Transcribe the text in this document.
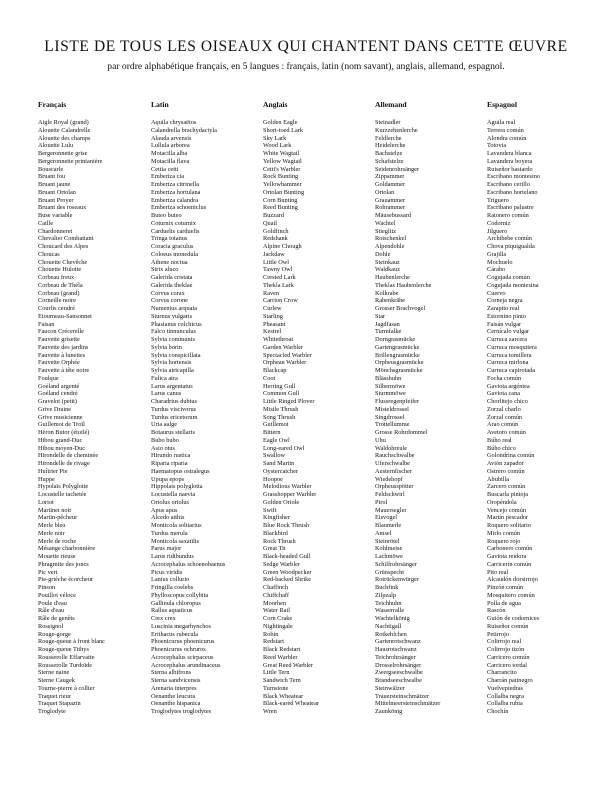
LISTE DE TOUS LES OISEAUX QUI CHANTENT DANS CETTE ŒUVRE
par ordre alphabétique français, en 5 langues : français, latin (nom savant), anglais, allemand, espagnol.
Français
Aigle Royal (grand)
Alouette Calandrelle
Alouette des champs
Alouette Lulu
Bergeronnette grise
Bergeronnette printanière
Bouscarle
Bruant fou
Bruant jaune
Bruant Ortolan
Bruant Proyer
Bruant des roseaux
Buse variable
Caille
Chardonneret
Chevalier Combattant
Choucard des Alpes
Choucas
Chouette Chevêche
Chouette Hulotte
Corbeau freux
Corbeau de Théla
Corbeau (grand)
Corneille noire
Courlis cendré
Étourneau-Sansonnet
Faisan
Faucon Crécerelle
Fauvette grisette
Fauvette des jardins
Fauvette à lunettes
Fauvette Orphée
Fauvette à tête noire
Foulque
Goéland argenté
Goéland cendré
Gravelot (petit)
Grive Draine
Grive musicienne
Guillemot de Troïl
Héron Butor (étoilé)
Hibou grand-Duc
Hibou moyen-Duc
Hirondelle de cheminée
Hirondelle de rivage
Huîtrier Pie
Huppe
Hypolaïs Polyglotte
Locustelle tachetée
Loriot
Martinet noir
Martin-pêcheur
Merle bleu
Merle noir
Merle de roche
Mésange charbonnière
Mouette rieuse
Phragmite des joncs
Pic vert
Pie-grièche écorcheur
Pinson
Pouillot véloce
Poule d'eau
Râle d'eau
Râle de genêts
Rossignol
Rouge-gorge
Rouge-queue à front blanc
Rouge-queue Tithys
Rousserolle Effarvatte
Rousserolle Turdoïde
Sterne naine
Sterne Caugek
Tourne-pierre à collier
Traquet rieur
Traquet Stapazin
Troglodyte
Latin
Aquila chrysaëtos
Calandrella brachydactyla
Alauda arvensis
Lullula arborea
Motacilla alba
Motacilla flava
Cettia cetti
Emberiza cia
Emberiza citrinella
Emberiza hortulana
Emberiza calandra
Emberiza schoeniclus
Buteo buteo
Coturnix coturnix
Carduelis carduelis
Tringa totanus
Coracia graculus
Coloeus monedula
Athene noctua
Strix aluco
Galerida cristata
Galerida theklae
Corvus corax
Corvus corone
Numenius arquata
Sturnus vulgaris
Phasianus colchicus
Falco tinnunculus
Sylvia communis
Sylvia borin
Sylvia conspicillata
Sylvia hortensis
Sylvia atricapilla
Fulica atra
Larus argentatus
Larus canus
Charadrius dubius
Turdus viscivorus
Turdus ericetorum
Uria aalge
Botaurus stellaris
Bubo bubo
Asio otus
Hirundo rustica
Riparia riparia
Haematopus ostralegus
Upupa epops
Hippolais polyglotta
Locustella naevia
Oriolus oriolus
Apus apus
Alcedo atthis
Monticola solitarius
Turdus merula
Monticola saxatilis
Parus major
Larus ridibundus
Acrocephalus schoenobaenus
Picus viridis
Lanius collurio
Fringilla coelebs
Phylloscopus collybita
Gallinula chloropus
Rallus aquaticus
Crex crex
Luscinia megarhynchos
Erithacus rubecula
Phoenicurus phoenicurus
Phoenicurus ochruros
Acrocephalus scirpaceus
Acrocephalus arundinaceus
Sterna albifrons
Sterna sandvicensis
Arenaria interpres
Oenanthe leucura
Oenanthe hispanica
Troglodytes troglodytes
Anglais
Golden Eagle
Short-toed Lark
Sky Lark
Wood Lark
White Wagtail
Yellow Wagtail
Cetti's Warbler
Rock Bunting
Yellowhammer
Ortolan Bunting
Corn Bunting
Reed Bunting
Buzzard
Quail
Goldfinch
Redshank
Alpine Chough
Jackdaw
Little Owl
Tawny Owl
Crested Lark
Thekla Lark
Raven
Carrion Crow
Curlew
Starling
Pheasant
Kestrel
Whitethroat
Garden Warbler
Spectacled Warbler
Orphean Warbler
Blackcap
Coot
Herring Gull
Common Gull
Little Ringed Plover
Mistle Thrush
Song Thrush
Guillemot
Bittern
Eagle Owl
Long-eared Owl
Swallow
Sand Martin
Oystercatcher
Hoopoe
Melodious Warbler
Grasshopper Warbler
Golden Oriole
Swift
Kingfisher
Blue Rock Thrush
Blackbird
Rock Thrush
Great Tit
Black-headed Gull
Sedge Warbler
Green Woodpecker
Red-backed Shrike
Chaffinch
Chiffchaff
Moorhen
Water Rail
Corn Crake
Nightingale
Robin
Redstart
Black Redstart
Reed Warbler
Great Reed Warbler
Little Tern
Sandwich Tern
Turnstone
Black Wheatear
Black-eared Wheatear
Wren
Allemand
Steinadler
Kurzzehenlerche
Feldlerche
Heidelerche
Bachstelze
Schafstelze
Seidenrohrsänger
Zippammer
Goldammer
Ortolan
Grauammer
Rohrammer
Mäusebussard
Wachtel
Stieglitz
Rotschenkel
Alpendohle
Dohle
Steinkauz
Waldkauz
Haubenlerche
Theklas Haubenlerche
Kolkrabe
Rabenkrähe
Grosser Brachvogel
Star
Jagdfasan
Turmfalke
Dorngrasmücke
Gartengrasmücke
Brillengrasmücke
Orpheusgrasmücke
Mönchsgrasmücke
Blässhuhn
Silbermöwe
Sturmmöwe
Flussregenpfeifer
Misteldrossel
Singdrossel
Trottellumme
Grosse Rohrdommel
Uhu
Waldohreule
Rauchschwalbe
Uferschwalbe
Austernfischer
Wiedehopf
Orpheusspötter
Feldschwirl
Pirol
Mauersegler
Eisvogel
Blaumerle
Amsel
Steinrötel
Kohlmeise
Lachmöwe
Schilfrohrsänger
Grünspecht
Rotrückenwürger
Buchfink
Zilpzalp
Teichhuhn
Wasserralle
Wachtelkönig
Nachtigall
Rotkehlchen
Gartenrotschwanz
Hausrotschwanz
Teichrohrsänger
Drosselrohrsänger
Zwergseeschwalbe
Brandseeschwalbe
Steinwälzer
Trauersteinschmätzer
Mittelmeersteinschmätzer
Zaunkönig
Espagnol
Águila real
Terrera común
Alondra común
Totovia
Lavandera blanca
Lavandera boyera
Ruiseñor bastardo
Escribano montesino
Escribano cerillo
Escribano hortelano
Triguero
Escribano palustre
Ratonero común
Codorniz
Jilguero
Archibebe común
Chova piquigualda
Grajilla
Mochuelo
Cárabo
Cogujada común
Cogujada montesina
Cuervo
Corneja negra
Zarapito real
Estornino pinto
Faisán vulgar
Cernícalo vulgar
Curruca zarcera
Curruca mosquitera
Curruca tomillera
Curruca mirlona
Curruca capirotada
Focha común
Gaviota argéntea
Gaviota cana
Chorlitejo chico
Zorzal charlo
Zorzal común
Arao común
Avetoro común
Búho real
Búho chico
Golondrina común
Avión zapador
Ostrero común
Abubilla
Zarcero común
Buscarla pintoja
Oropéndola
Vencejo común
Martín pescador
Roquero solitario
Mirlo común
Roquero rojo
Carbonero común
Gaviota reidora
Carricerín común
Pito real
Alcaudón dorsirrojo
Pinzón común
Mosquitero común
Polla de agua
Rascón
Guión de codornices
Ruiseñor común
Petirrojo
Colirrojo real
Colirrojo tizón
Carricero común
Carricero tordal
Charrancito
Charrán patinegro
Vuelvepiedras
Collalba negra
Collalba rubia
Chochín
